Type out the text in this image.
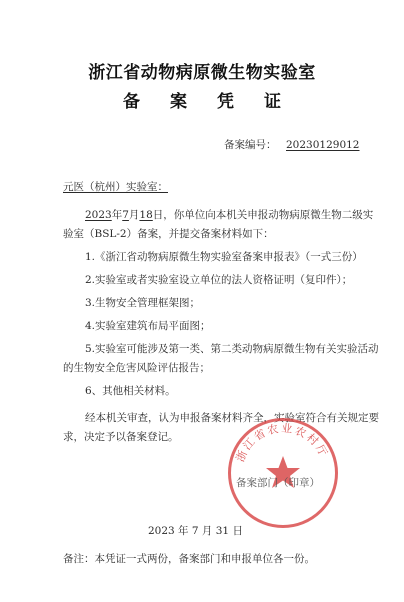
浙江省动物病原微生物实验室
备案凭证
备案编号： 20230129012
元医（杭州）实验室：
2023年7月18日，你单位向本机关申报动物病原微生物二级实
验室（BSL-2）备案，并提交备案材料如下：
1.《浙江省动物病原微生物实验室备案申报表》（一式三份）
2.实验室或者实验室设立单位的法人资格证明（复印件）；
3.生物安全管理框架图；
4.实验室建筑布局平面图；
5.实验室可能涉及第一类、第二类动物病原微生物有关实验活动
的生物安全危害风险评估报告；
6、其他相关材料。
经本机关审查，认为申报备案材料齐全，实验室符合有关规定要
求，决定予以备案登记。
浙江省农业农村厅
备案部门（印章）
2023 年 7 月 31 日
备注：本凭证一式两份，备案部门和申报单位各一份。
